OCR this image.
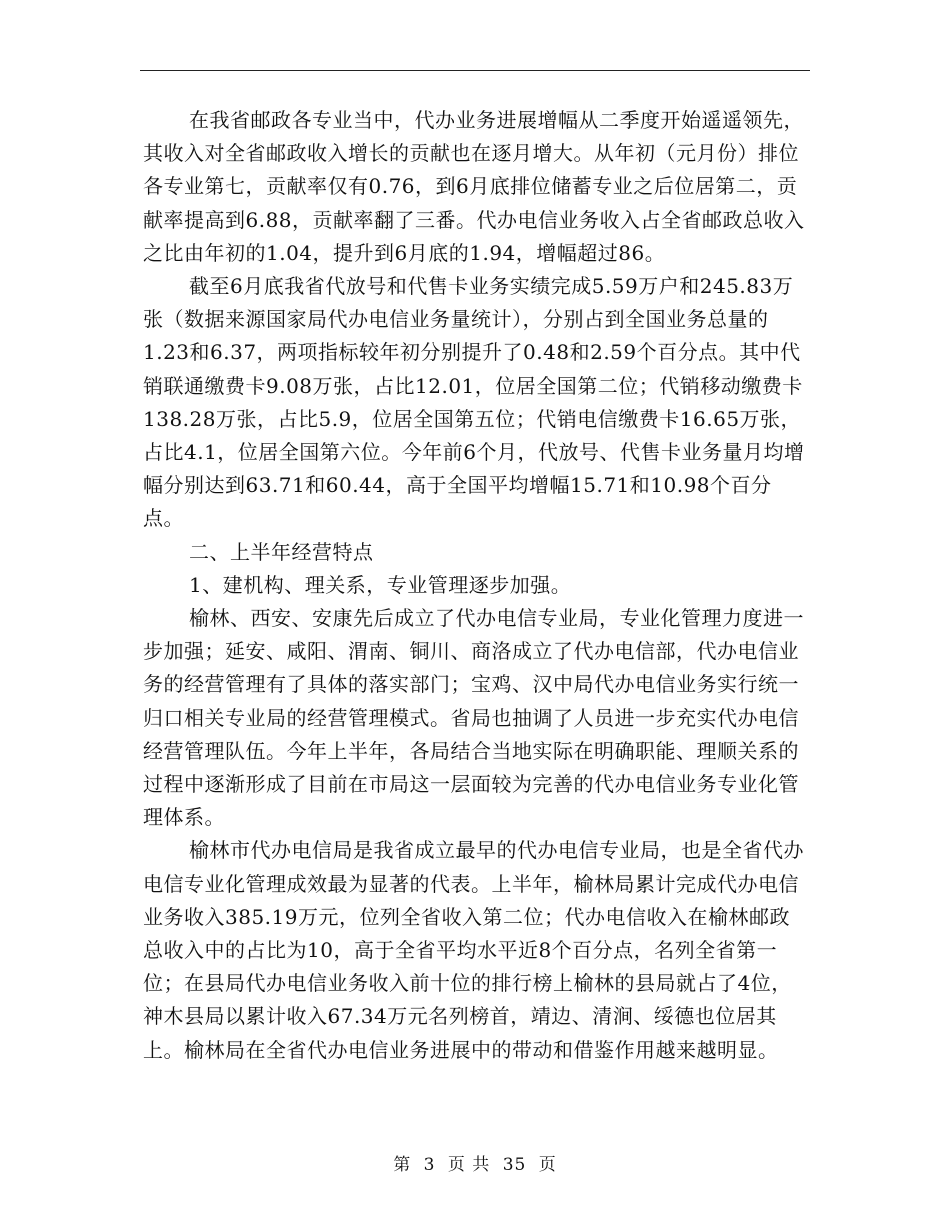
在我省邮政各专业当中，代办业务进展增幅从二季度开始遥遥领先，其收入对全省邮政收入增长的贡献也在逐月增大。从年初（元月份）排位各专业第七，贡献率仅有0.76，到6月底排位储蓄专业之后位居第二，贡献率提高到6.88，贡献率翻了三番。代办电信业务收入占全省邮政总收入之比由年初的1.04，提升到6月底的1.94，增幅超过86。

截至6月底我省代放号和代售卡业务实绩完成5.59万户和245.83万张（数据来源国家局代办电信业务量统计），分别占到全国业务总量的1.23和6.37，两项指标较年初分别提升了0.48和2.59个百分点。其中代销联通缴费卡9.08万张，占比12.01，位居全国第二位；代销移动缴费卡138.28万张，占比5.9，位居全国第五位；代销电信缴费卡16.65万张，占比4.1，位居全国第六位。今年前6个月，代放号、代售卡业务量月均增幅分别达到63.71和60.44，高于全国平均增幅15.71和10.98个百分点。

二、上半年经营特点

1、建机构、理关系，专业管理逐步加强。

榆林、西安、安康先后成立了代办电信专业局，专业化管理力度进一步加强；延安、咸阳、渭南、铜川、商洛成立了代办电信部，代办电信业务的经营管理有了具体的落实部门；宝鸡、汉中局代办电信业务实行统一归口相关专业局的经营管理模式。省局也抽调了人员进一步充实代办电信经营管理队伍。今年上半年，各局结合当地实际在明确职能、理顺关系的过程中逐渐形成了目前在市局这一层面较为完善的代办电信业务专业化管理体系。

榆林市代办电信局是我省成立最早的代办电信专业局，也是全省代办电信专业化管理成效最为显著的代表。上半年，榆林局累计完成代办电信业务收入385.19万元，位列全省收入第二位；代办电信收入在榆林邮政总收入中的占比为10，高于全省平均水平近8个百分点，名列全省第一位；在县局代办电信业务收入前十位的排行榜上榆林的县局就占了4位，神木县局以累计收入67.34万元名列榜首，靖边、清涧、绥德也位居其上。榆林局在全省代办电信业务进展中的带动和借鉴作用越来越明显。

第 3 页 共 35 页
